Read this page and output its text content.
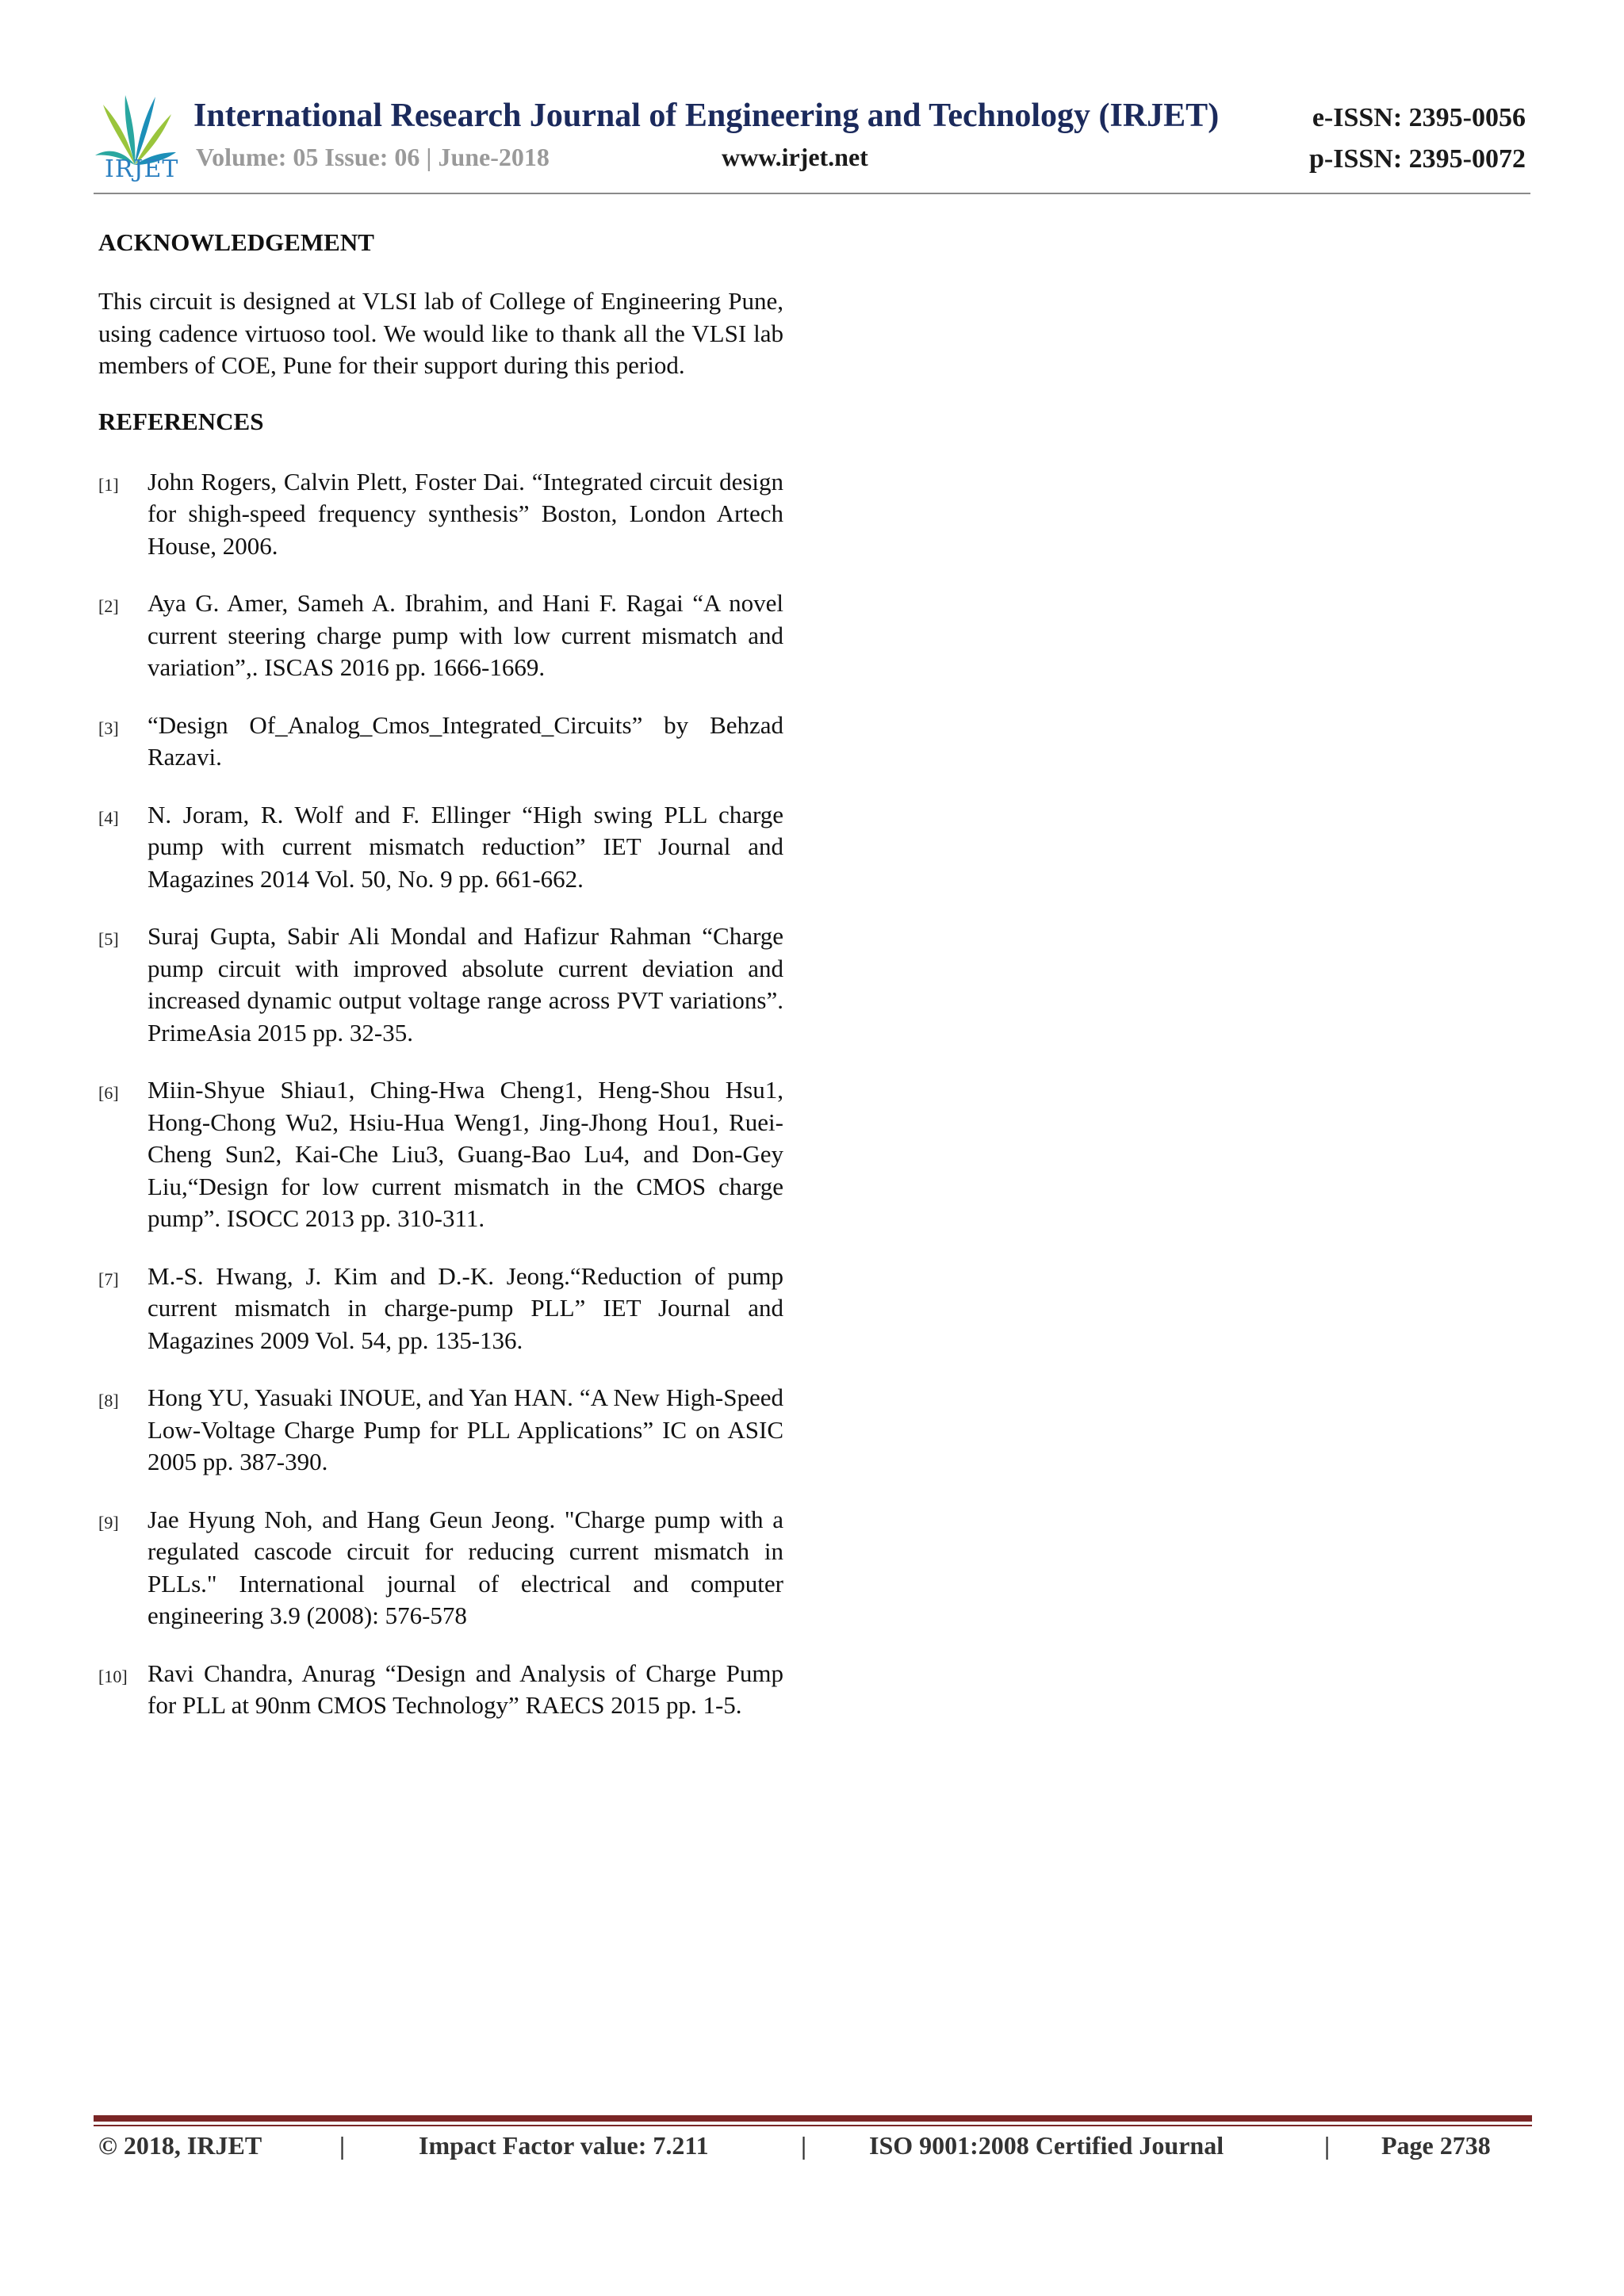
IRJET
International Research Journal of Engineering and Technology (IRJET)
Volume: 05 Issue: 06 | June-2018	www.irjet.net
e-ISSN: 2395-0056
p-ISSN: 2395-0072
ACKNOWLEDGEMENT

This circuit is designed at VLSI lab of College of Engineering Pune, using cadence virtuoso tool. We would like to thank all the VLSI lab members of COE, Pune for their support during this period.

REFERENCES
[1] John Rogers, Calvin Plett, Foster Dai. “Integrated circuit design for shigh-speed frequency synthesis” Boston, London Artech House, 2006.
[2] Aya G. Amer, Sameh A. Ibrahim, and Hani F. Ragai “A novel current steering charge pump with low current mismatch and variation”,. ISCAS 2016 pp. 1666-1669.
[3] “Design Of_Analog_Cmos_Integrated_Circuits” by Behzad Razavi.
[4] N. Joram, R. Wolf and F. Ellinger “High swing PLL charge pump with current mismatch reduction” IET Journal and Magazines 2014 Vol. 50, No. 9 pp. 661-662.
[5] Suraj Gupta, Sabir Ali Mondal and Hafizur Rahman “Charge pump circuit with improved absolute current deviation and increased dynamic output voltage range across PVT variations”. PrimeAsia 2015 pp. 32-35.
[6] Miin-Shyue Shiau1, Ching-Hwa Cheng1, Heng-Shou Hsu1, Hong-Chong Wu2, Hsiu-Hua Weng1, Jing-Jhong Hou1, Ruei-Cheng Sun2, Kai-Che Liu3, Guang-Bao Lu4, and Don-Gey Liu,“Design for low current mismatch in the CMOS charge pump”. ISOCC 2013 pp. 310-311.
[7] M.-S. Hwang, J. Kim and D.-K. Jeong.“Reduction of pump current mismatch in charge-pump PLL” IET Journal and Magazines 2009 Vol. 54, pp. 135-136.
[8] Hong YU, Yasuaki INOUE, and Yan HAN. “A New High-Speed Low-Voltage Charge Pump for PLL Applications” IC on ASIC 2005 pp. 387-390.
[9] Jae Hyung Noh, and Hang Geun Jeong. "Charge pump with a regulated cascode circuit for reducing current mismatch in PLLs." International journal of electrical and computer engineering 3.9 (2008): 576-578
[10] Ravi Chandra, Anurag “Design and Analysis of Charge Pump for PLL at 90nm CMOS Technology” RAECS 2015 pp. 1-5.
© 2018, IRJET	|	Impact Factor value: 7.211	| ISO 9001:2008 Certified Journal	| Page 2738
